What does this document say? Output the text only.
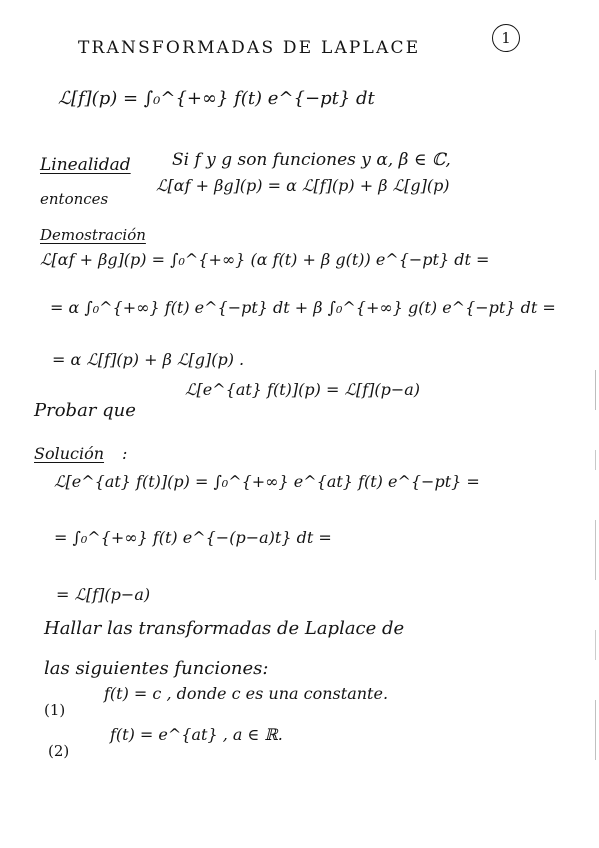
TRANSFORMADAS DE LAPLACE	1
ℒ[f](p) = ∫₀^{+∞} f(t) e^{−pt} dt
Linealidad Si f y g son funciones y α, β ∈ ℂ,
entonces
ℒ[αf + βg](p) = α ℒ[f](p) + β ℒ[g](p)
Demostración
ℒ[αf + βg](p) = ∫₀^{+∞} (α f(t) + β g(t)) e^{−pt} dt =
= α ∫₀^{+∞} f(t) e^{−pt} dt + β ∫₀^{+∞} g(t) e^{−pt} dt =
= α ℒ[f](p) + β ℒ[g](p) .
Probar que
ℒ[e^{at} f(t)](p) = ℒ[f](p−a)
Solución :
ℒ[e^{at} f(t)](p) = ∫₀^{+∞} e^{at} f(t) e^{−pt} =
= ∫₀^{+∞} f(t) e^{−(p−a)t} dt =
= ℒ[f](p−a)
Hallar las transformadas de Laplace de
las siguientes funciones:
(1)
f(t) = c , donde c es una constante.
(2)
f(t) = e^{at} , a ∈ ℝ.
